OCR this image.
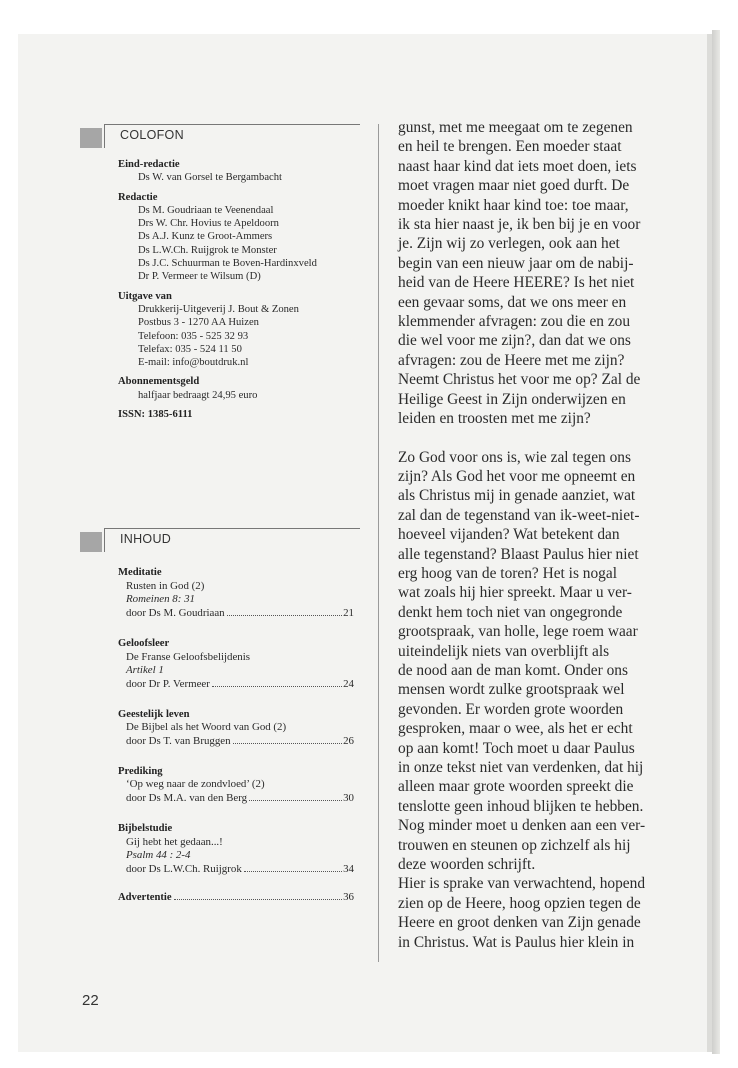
COLOFON
Eind-redactie
Ds W. van Gorsel te Bergambacht
Redactie
Ds M. Goudriaan te Veenendaal
Drs W. Chr. Hovius te Apeldoorn
Ds A.J. Kunz te Groot-Ammers
Ds L.W.Ch. Ruijgrok te Monster
Ds J.C. Schuurman te Boven-Hardinxveld
Dr P. Vermeer te Wilsum (D)
Uitgave van
Drukkerij-Uitgeverij J. Bout & Zonen
Postbus 3 - 1270 AA Huizen
Telefoon: 035 - 525 32 93
Telefax: 035 - 524 11 50
E-mail: info@boutdruk.nl
Abonnementsgeld
halfjaar bedraagt 24,95 euro
ISSN: 1385-6111
INHOUD
Meditatie
Rusten in God (2)
Romeinen 8: 31
door Ds M. Goudriaan	21
Geloofsleer
De Franse Geloofsbelijdenis
Artikel 1
door Dr P. Vermeer	24
Geestelijk leven
De Bijbel als het Woord van God (2)
door Ds T. van Bruggen	26
Prediking
‘Op weg naar de zondvloed’ (2)
door Ds M.A. van den Berg	30
Bijbelstudie
Gij hebt het gedaan...!
Psalm 44 : 2-4
door Ds L.W.Ch. Ruijgrok	34
Advertentie	36

gunst, met me meegaat om te zegenen

en heil te brengen. Een moeder staat

naast haar kind dat iets moet doen, iets

moet vragen maar niet goed durft. De

moeder knikt haar kind toe: toe maar,

ik sta hier naast je, ik ben bij je en voor

je. Zijn wij zo verlegen, ook aan het

begin van een nieuw jaar om de nabij-

heid van de Heere HEERE? Is het niet

een gevaar soms, dat we ons meer en

klemmender afvragen: zou die en zou

die wel voor me zijn?, dan dat we ons

afvragen: zou de Heere met me zijn?

Neemt Christus het voor me op? Zal de

Heilige Geest in Zijn onderwijzen en

leiden en troosten met me zijn?

Zo God voor ons is, wie zal tegen ons

zijn? Als God het voor me opneemt en

als Christus mij in genade aanziet, wat

zal dan de tegenstand van ik-weet-niet-

hoeveel vijanden? Wat betekent dan

alle tegenstand? Blaast Paulus hier niet

erg hoog van de toren? Het is nogal

wat zoals hij hier spreekt. Maar u ver-

denkt hem toch niet van ongegronde

grootspraak, van holle, lege roem waar

uiteindelijk niets van overblijft als

de nood aan de man komt. Onder ons

mensen wordt zulke grootspraak wel

gevonden. Er worden grote woorden

gesproken, maar o wee, als het er echt

op aan komt! Toch moet u daar Paulus

in onze tekst niet van verdenken, dat hij

alleen maar grote woorden spreekt die

tenslotte geen inhoud blijken te hebben.

Nog minder moet u denken aan een ver-

trouwen en steunen op zichzelf als hij

deze woorden schrijft.

Hier is sprake van verwachtend, hopend

zien op de Heere, hoog opzien tegen de

Heere en groot denken van Zijn genade

in Christus. Wat is Paulus hier klein in

22
